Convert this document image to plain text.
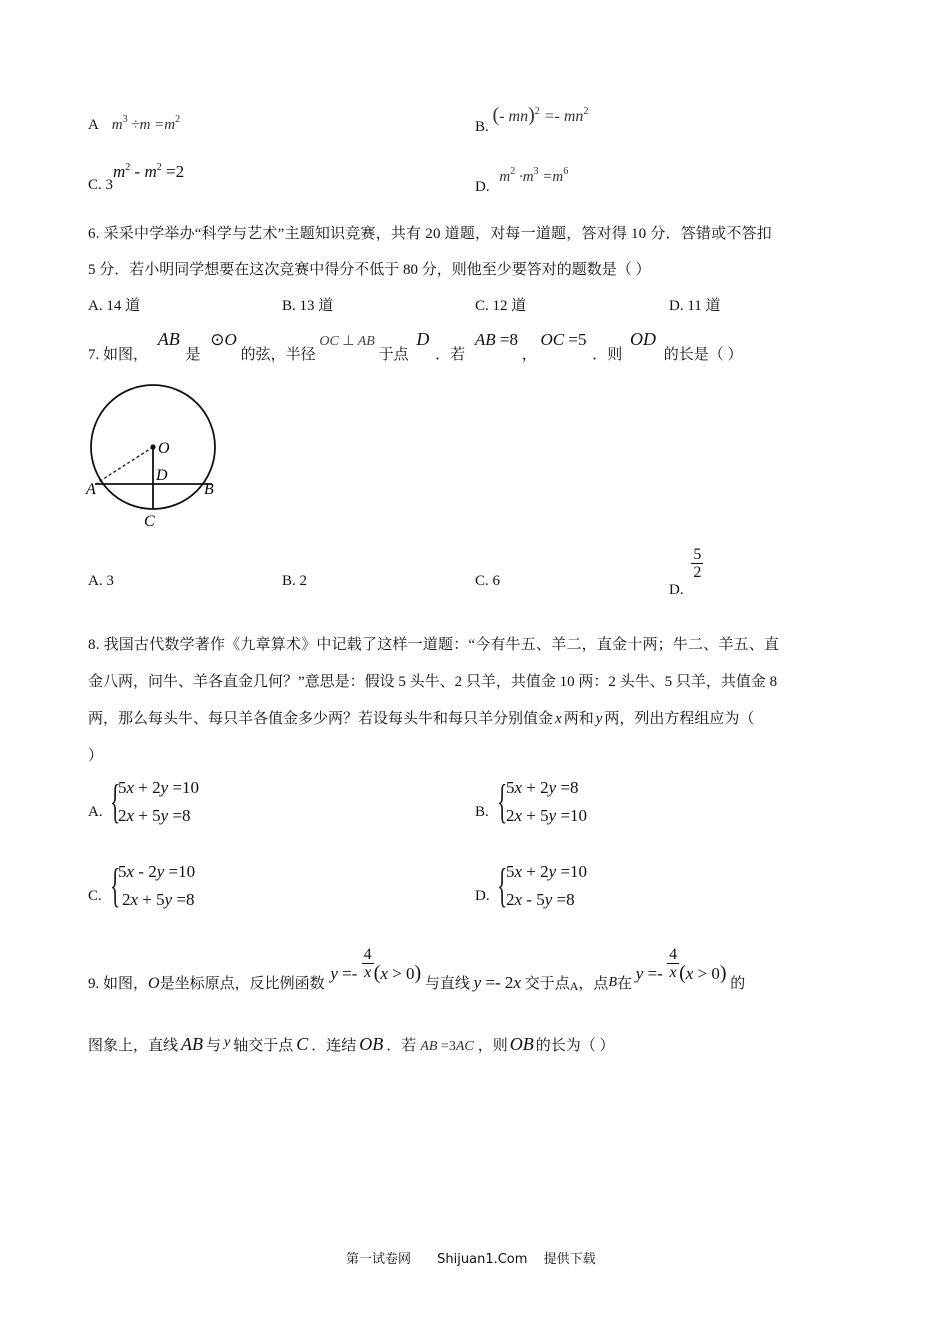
A $m^3 \div m =m^2$	B. (- $mn)^2 =- mn^2$
C. $3m^2 - m^2 =2$
D. $m^2 \cdot m^3 =m^6$
6. 采采中学举办“科学与艺术”主题知识竞赛，共有 20 道题，对每一道题，答对得 10 分．答错或不答扣
5 分．若小明同学想要在这次竞赛中得分不低于 80 分，则他至少要答对的题数是（ ）
A. 14 道	B. 13 道	C. 12 道	D. 11 道
7. 如图， AB 是 ⊙O 的弦，半径 OC ⊥ AB 于点 D ．若 AB =8 ， OC =5 ．则 OD 的长是（ ）
O
D
A	B
C
A. 3	B. 2	C. 6
D.
$\frac{5}{2}$
8. 我国古代数学著作《九章算术》中记载了这样一道题：“今有牛五、羊二，直金十两；牛二、羊五、直
金八两，问牛、羊各直金几何？”意思是：假设 5 头牛、2 只羊，共值金 10 两：2 头牛、5 只羊，共值金 8
两，那么每头牛、每只羊各值金多少两？若设每头牛和每只羊分别值金 x 两和 y 两，列出方程组应为（
）
A. {
5x + 2y =10
2x + 5y =8	B. {
5x + 2y =8
2x + 5y =10
C. {
5x - 2y =10
2x + 5y =8	D. {
5x + 2y =10
2x - 5y =8
9. 如图，O是坐标原点，反比例函数 $y =- \frac{4}{x} (x > 0)$ 与直线 y =- 2x 交于点$_A$，点B在 $y =- \frac{4}{x} (x > 0)$ 的
图象上，直线 AB 与 y 轴交于点 C ．连结 OB ．若 AB =3AC ，则 OB 的长为（ ）
第一试卷网 Shijuan1.Com 提供下载
